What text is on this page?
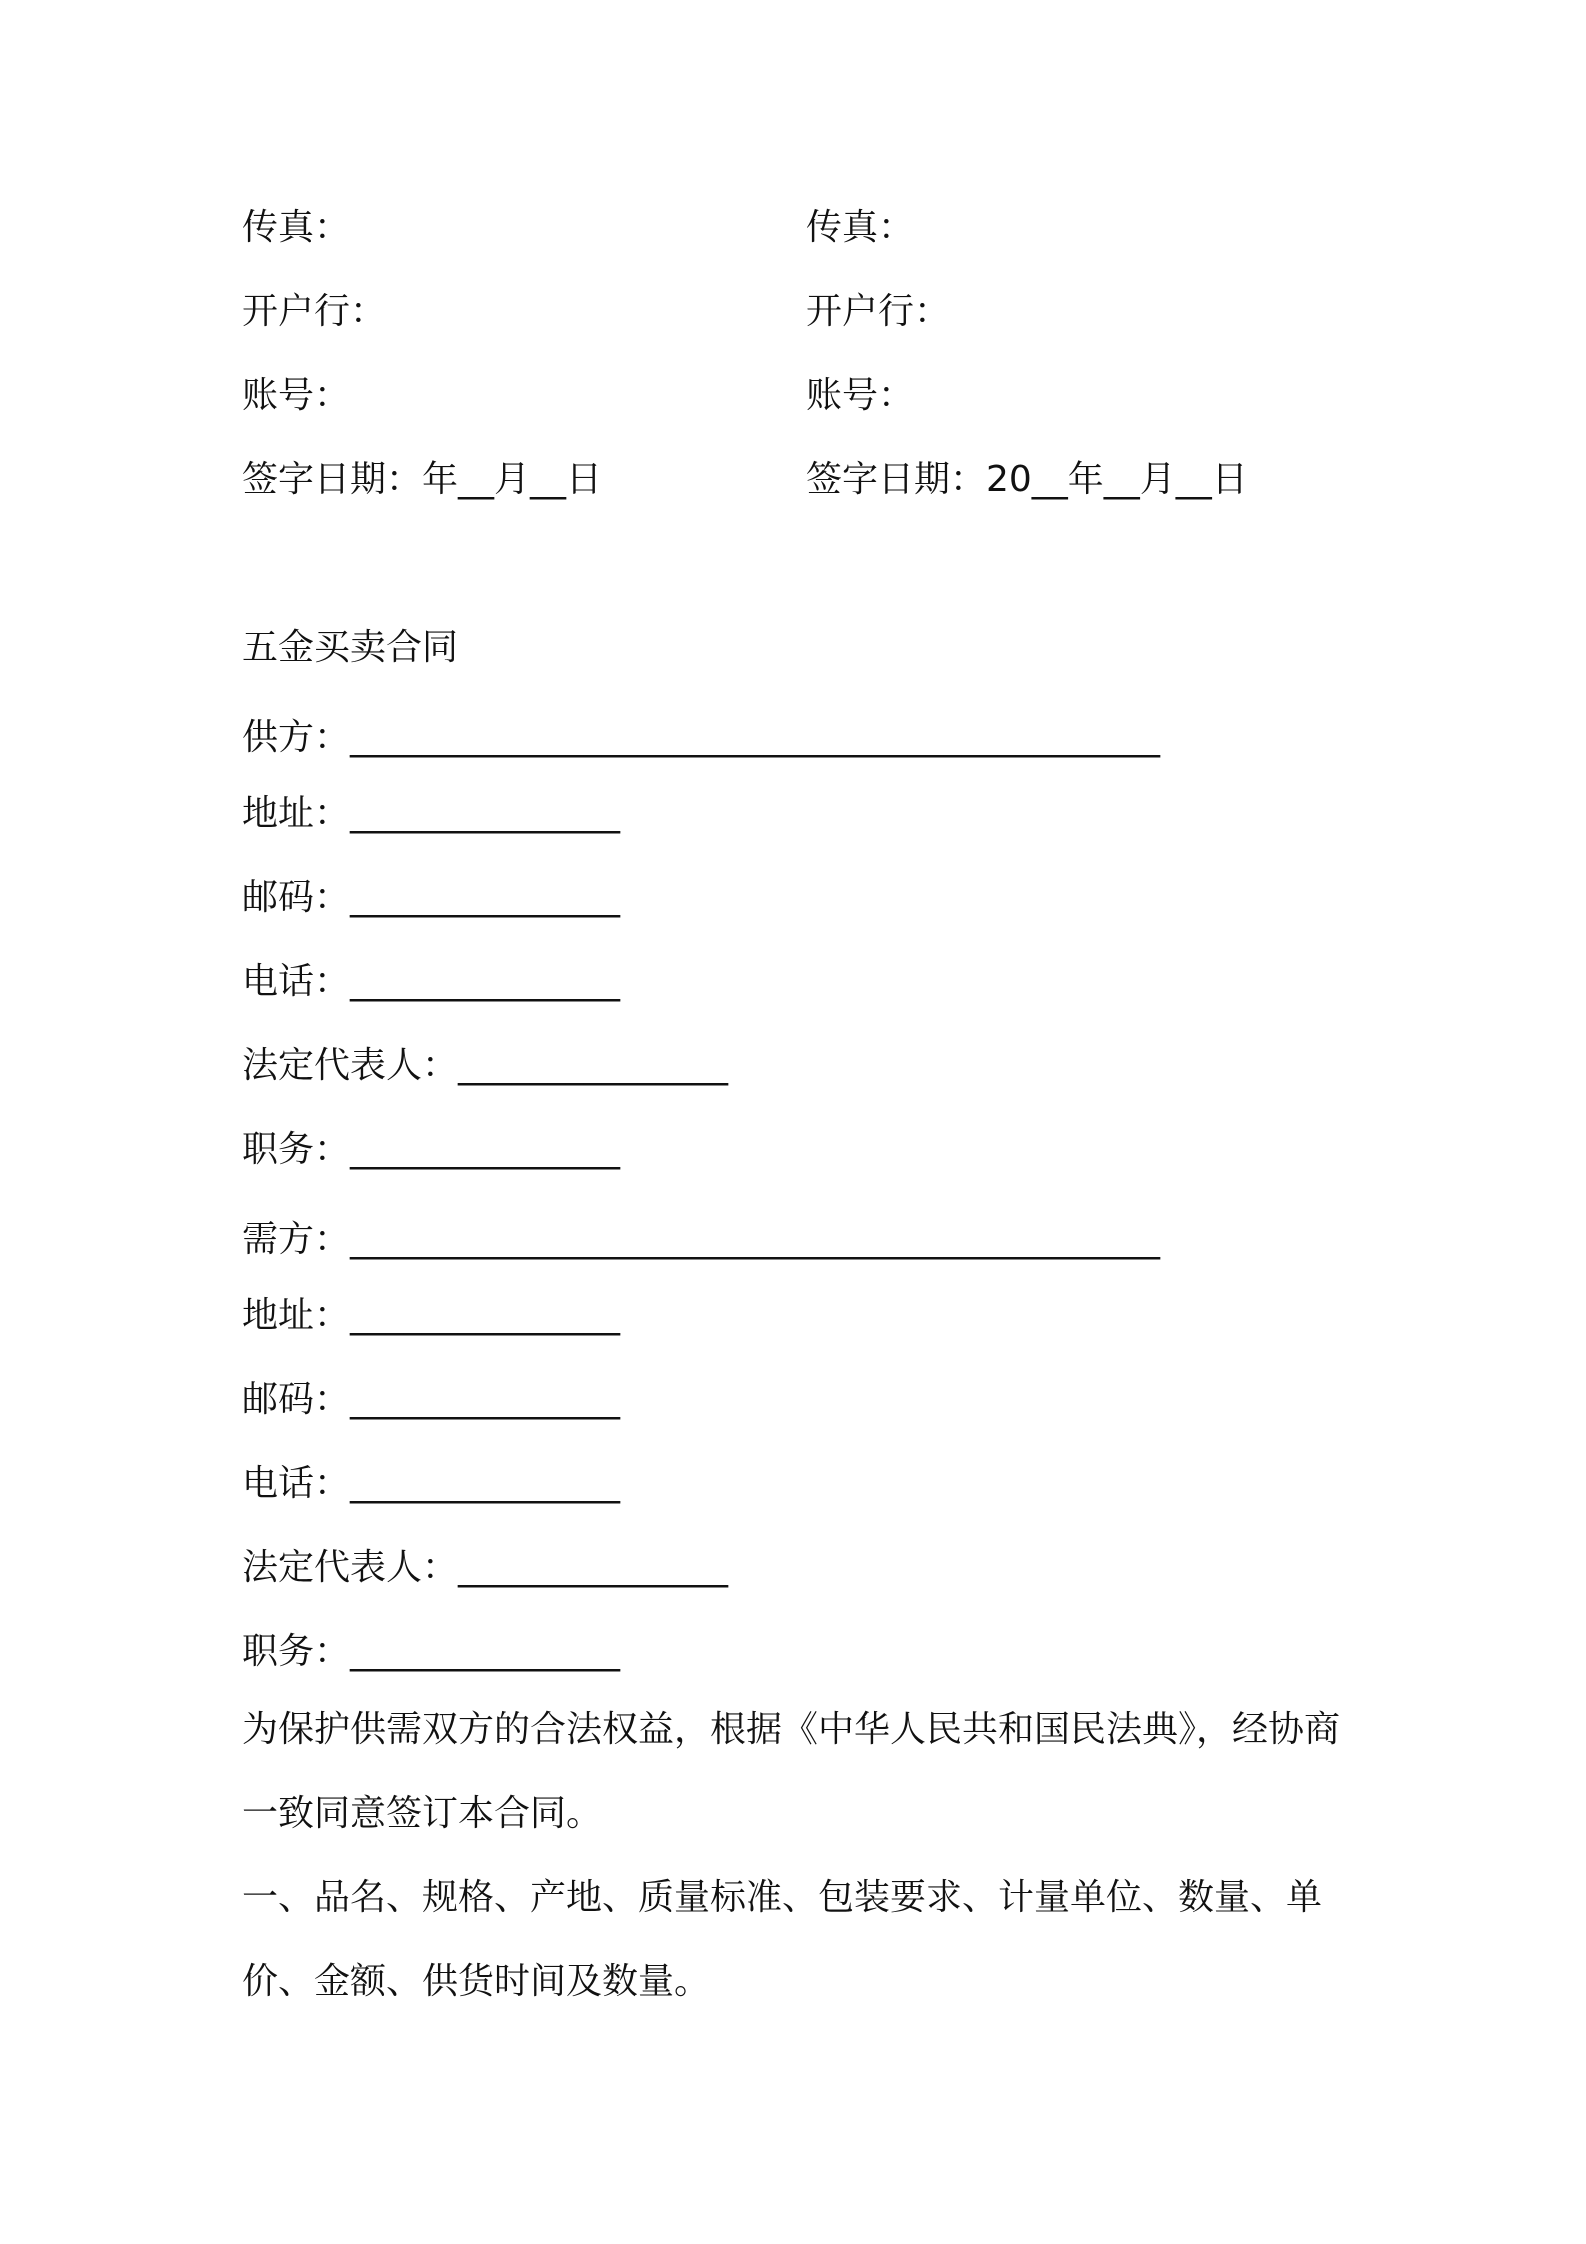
传真：	传真：
开户行：	开户行：
账号：	账号：
签字日期：年__月__日	签字日期：20__年__月__日
五金买卖合同
供方：_____________________________________________
地址：_______________
邮码：_______________
电话：_______________
法定代表人：_______________
职务：_______________
需方：_____________________________________________
地址：_______________
邮码：_______________
电话：_______________
法定代表人：_______________
职务：_______________
为保护供需双方的合法权益，根据《中华人民共和国民法典》，经协商一致同意签订本合同。
一、品名、规格、产地、质量标准、包装要求、计量单位、数量、单价、金额、供货时间及数量。
